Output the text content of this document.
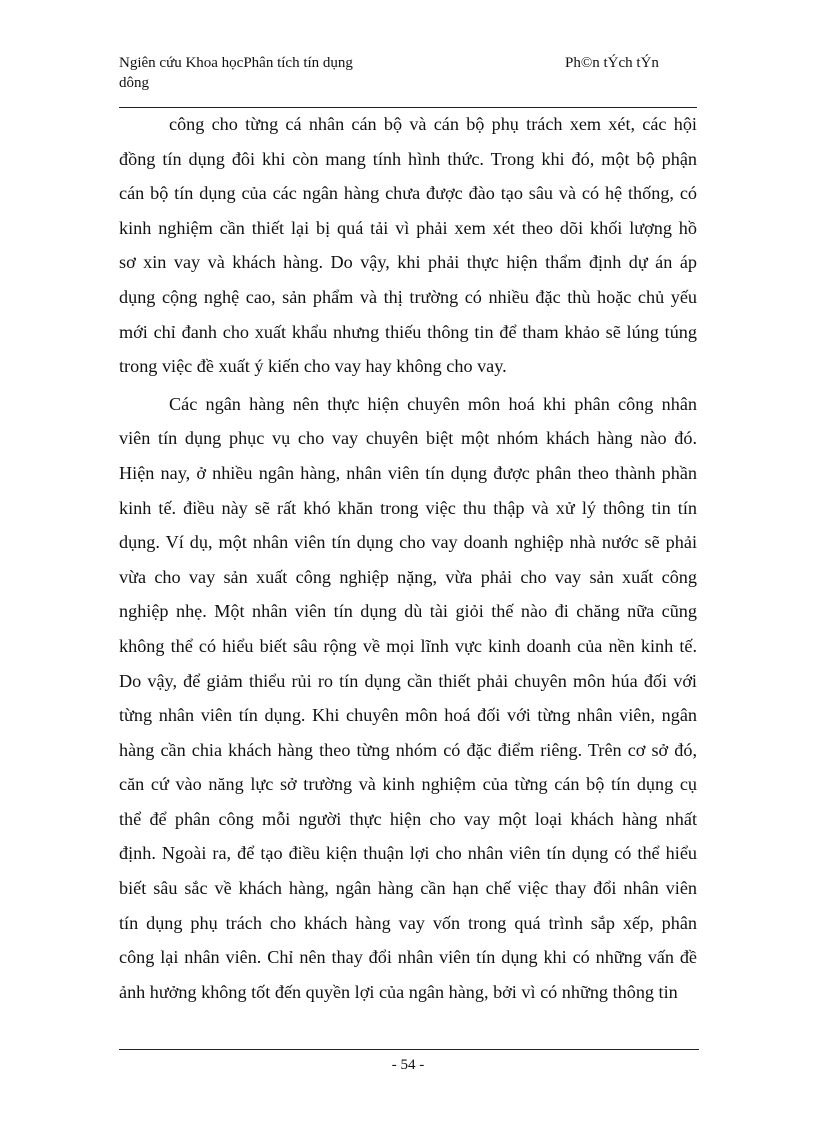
Ngiên cứu Khoa họcPhân tích tín dụng
dông
Ph©n tÝch tÝn

công cho từng cá nhân cán bộ và cán bộ phụ trách xem xét, các hội
đồng tín dụng đôi khi còn mang tính hình thức. Trong khi đó, một bộ phận
cán bộ tín dụng của các ngân hàng chưa được đào tạo sâu và có hệ thống, có
kinh nghiệm cần thiết lại bị quá tải vì phải xem xét theo dõi khối lượng hồ
sơ xin vay và khách hàng. Do vậy, khi phải thực hiện thẩm định dự án áp
dụng cộng nghệ cao, sản phẩm và thị trường có nhiều đặc thù hoặc chủ yếu
mới chỉ đanh cho xuất khẩu nhưng thiếu thông tin để tham khảo sẽ lúng túng
trong việc đề xuất ý kiến cho vay hay không cho vay.

Các ngân hàng nên thực hiện chuyên môn hoá khi phân công nhân
viên tín dụng phục vụ cho vay chuyên biệt một nhóm khách hàng nào đó.
Hiện nay, ở nhiều ngân hàng, nhân viên tín dụng được phân theo thành phần
kinh tế. điều này sẽ rất khó khăn trong việc thu thập và xử lý thông tin tín
dụng. Ví dụ, một nhân viên tín dụng cho vay doanh nghiệp nhà nước sẽ phải
vừa cho vay sản xuất công nghiệp nặng, vừa phải cho vay sản xuất công
nghiệp nhẹ. Một nhân viên tín dụng dù tài giỏi thế nào đi chăng nữa cũng
không thể có hiểu biết sâu rộng về mọi lĩnh vực kinh doanh của nền kinh tế.
Do vậy, để giảm thiểu rủi ro tín dụng cần thiết phải chuyên môn húa đối với
từng nhân viên tín dụng. Khi chuyên môn hoá đối với từng nhân viên, ngân
hàng cần chia khách hàng theo từng nhóm có đặc điểm riêng. Trên cơ sở đó,
căn cứ vào năng lực sở trường và kinh nghiệm của từng cán bộ tín dụng cụ
thể để phân công mỗi người thực hiện cho vay một loại khách hàng nhất
định. Ngoài ra, để tạo điều kiện thuận lợi cho nhân viên tín dụng có thể hiểu
biết sâu sắc về khách hàng, ngân hàng cần hạn chế việc thay đổi nhân viên
tín dụng phụ trách cho khách hàng vay vốn trong quá trình sắp xếp, phân
công lại nhân viên. Chỉ nên thay đổi nhân viên tín dụng khi có những vấn đề
ảnh hưởng không tốt đến quyền lợi của ngân hàng, bởi vì có những thông tin

- 54 -
